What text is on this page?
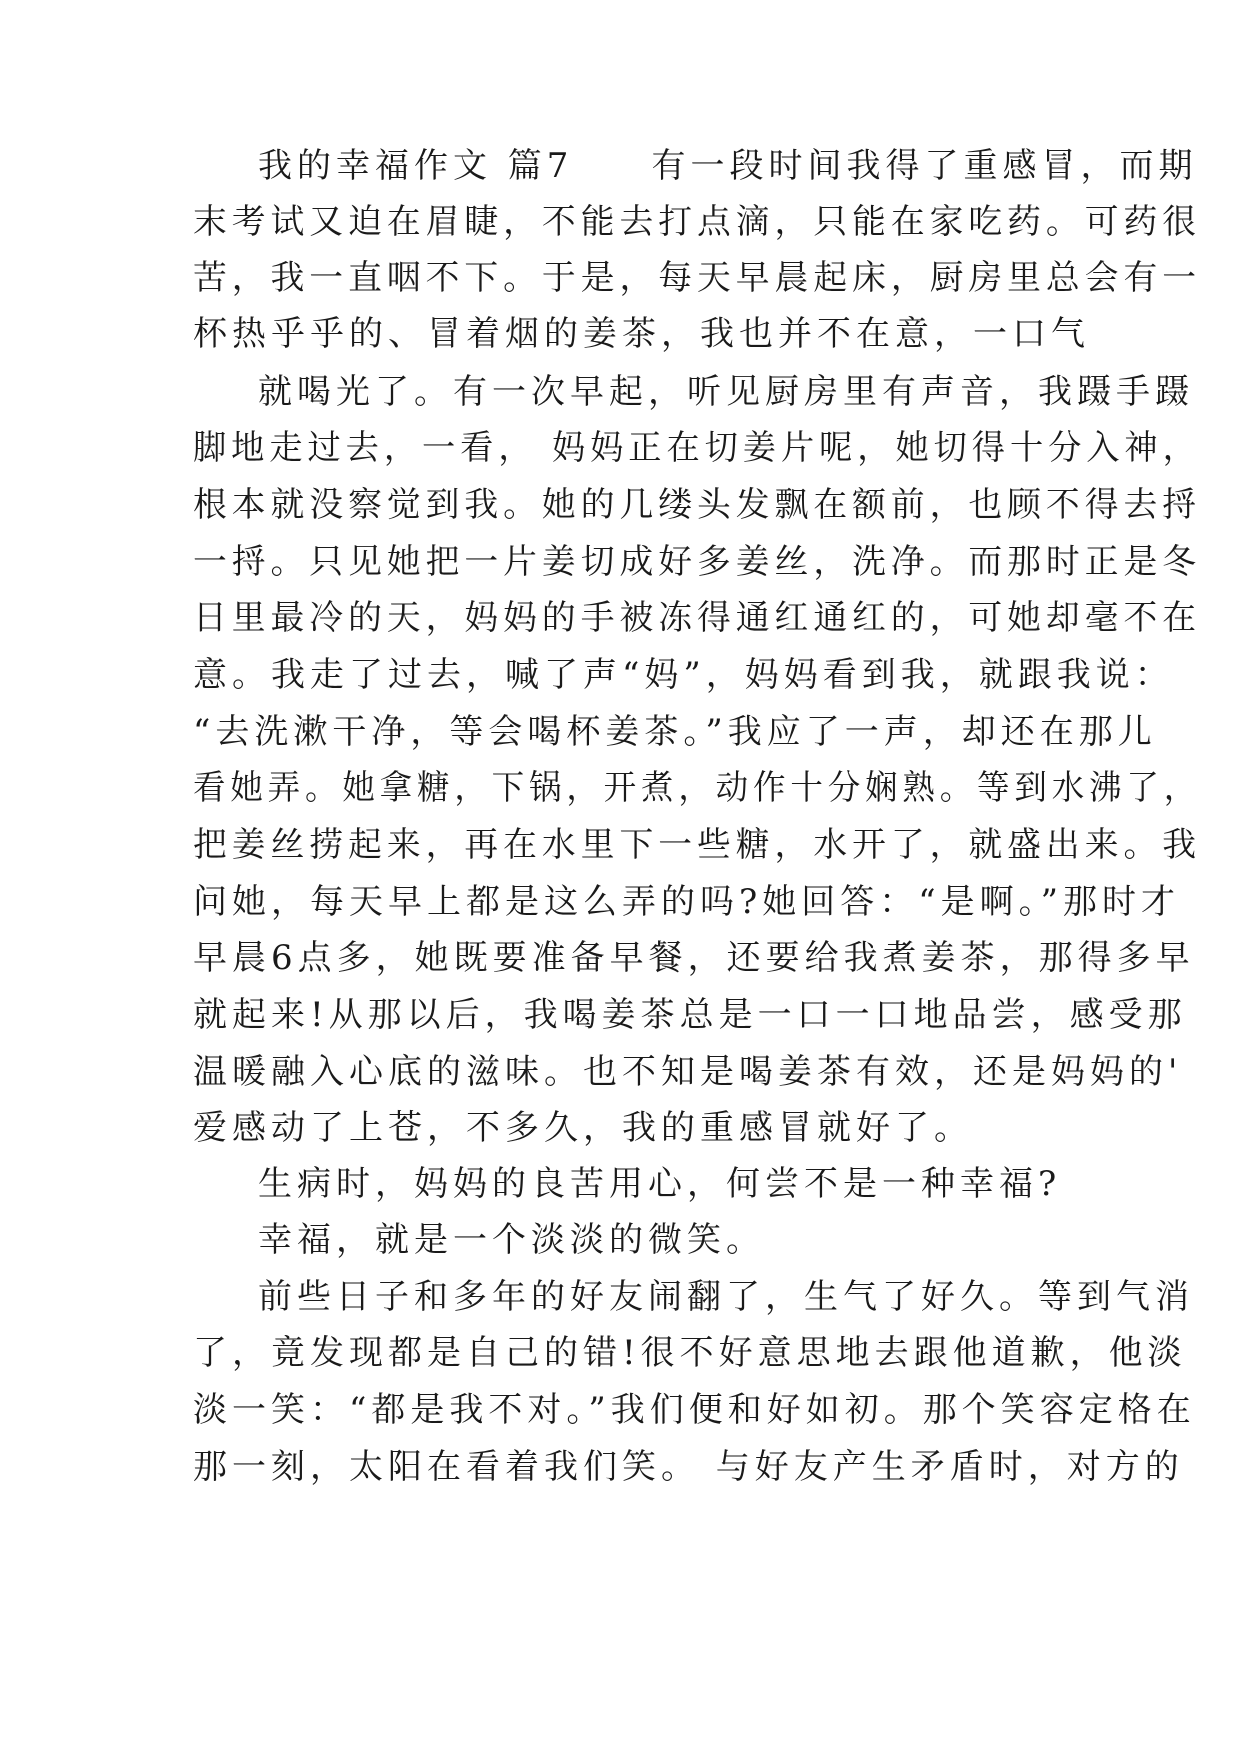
我的幸福作文 篇7　　有一段时间我得了重感冒，而期
末考试又迫在眉睫，不能去打点滴，只能在家吃药。可药很
苦，我一直咽不下。于是，每天早晨起床，厨房里总会有一
杯热乎乎的、冒着烟的姜茶，我也并不在意，一口气
就喝光了。有一次早起，听见厨房里有声音，我蹑手蹑
脚地走过去，一看， 妈妈正在切姜片呢，她切得十分入神，
根本就没察觉到我。她的几缕头发飘在额前，也顾不得去捋
一捋。只见她把一片姜切成好多姜丝，洗净。而那时正是冬
日里最冷的天，妈妈的手被冻得通红通红的，可她却毫不在
意。我走了过去，喊了声“妈”，妈妈看到我，就跟我说：
“去洗漱干净，等会喝杯姜茶。”我应了一声，却还在那儿
看她弄。她拿糖，下锅，开煮，动作十分娴熟。等到水沸了，
把姜丝捞起来，再在水里下一些糖，水开了，就盛出来。我
问她，每天早上都是这么弄的吗?她回答：“是啊。”那时才
早晨6点多，她既要准备早餐，还要给我煮姜茶，那得多早
就起来!从那以后，我喝姜茶总是一口一口地品尝，感受那
温暖融入心底的滋味。也不知是喝姜茶有效，还是妈妈的'
爱感动了上苍，不多久，我的重感冒就好了。
生病时，妈妈的良苦用心，何尝不是一种幸福?
幸福，就是一个淡淡的微笑。
前些日子和多年的好友闹翻了，生气了好久。等到气消
了，竟发现都是自己的错!很不好意思地去跟他道歉，他淡
淡一笑：“都是我不对。”我们便和好如初。那个笑容定格在
那一刻，太阳在看着我们笑。 与好友产生矛盾时，对方的
